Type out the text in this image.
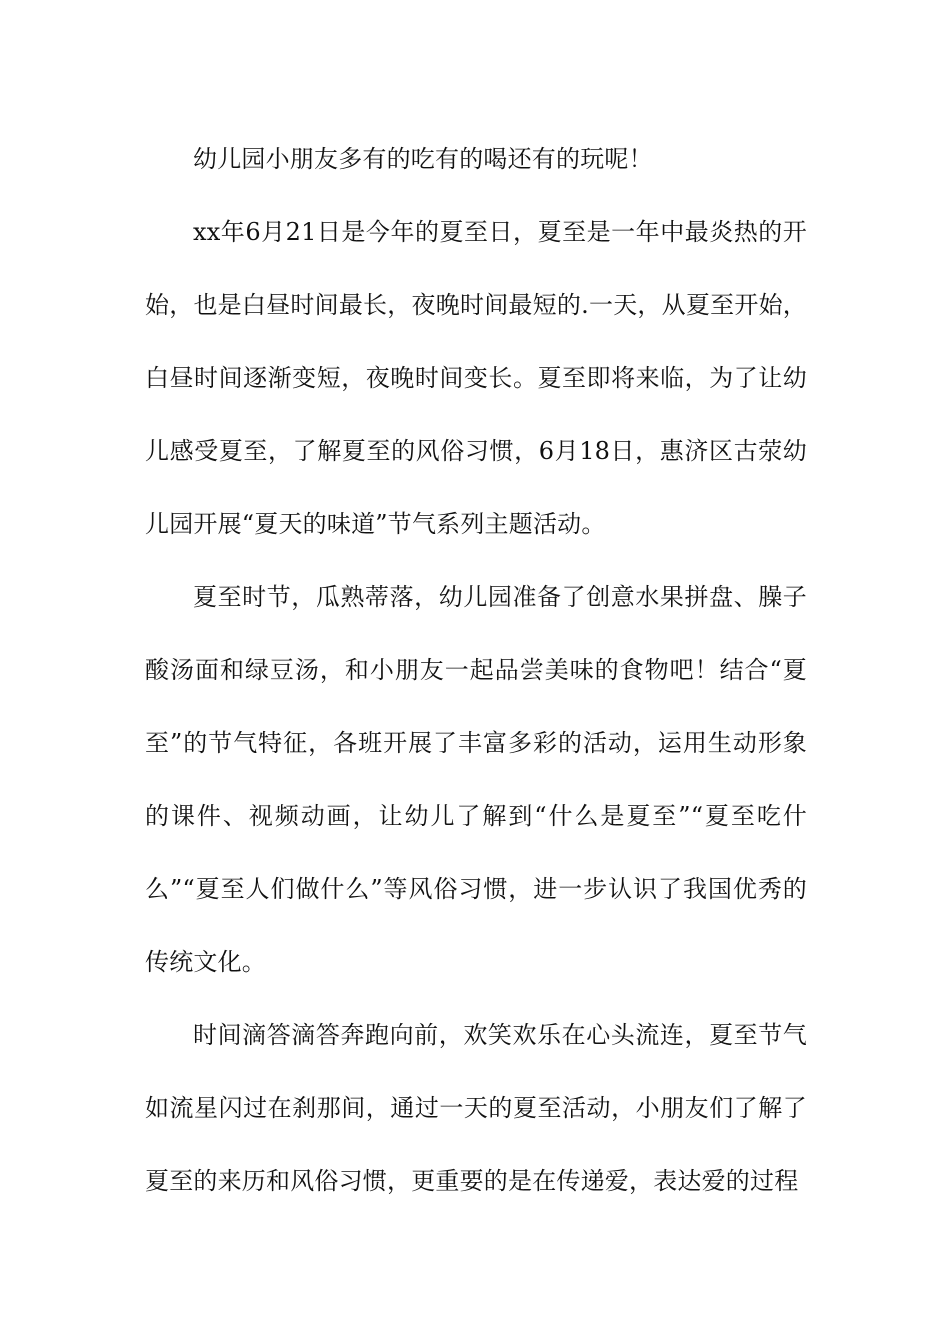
幼儿园小朋友多有的吃有的喝还有的玩呢！

xx年6月21日是今年的夏至日，夏至是一年中最炎热的开始，也是白昼时间最长，夜晚时间最短的.一天，从夏至开始，白昼时间逐渐变短，夜晚时间变长。夏至即将来临，为了让幼儿感受夏至，了解夏至的风俗习惯，6月18日，惠济区古荥幼儿园开展“夏天的味道”节气系列主题活动。

夏至时节，瓜熟蒂落，幼儿园准备了创意水果拼盘、臊子酸汤面和绿豆汤，和小朋友一起品尝美味的食物吧！结合“夏至”的节气特征，各班开展了丰富多彩的活动，运用生动形象的课件、视频动画，让幼儿了解到“什么是夏至”“夏至吃什么”“夏至人们做什么”等风俗习惯，进一步认识了我国优秀的传统文化。

时间滴答滴答奔跑向前，欢笑欢乐在心头流连，夏至节气如流星闪过在刹那间，通过一天的夏至活动，小朋友们了解了夏至的来历和风俗习惯，更重要的是在传递爱，表达爱的过程
